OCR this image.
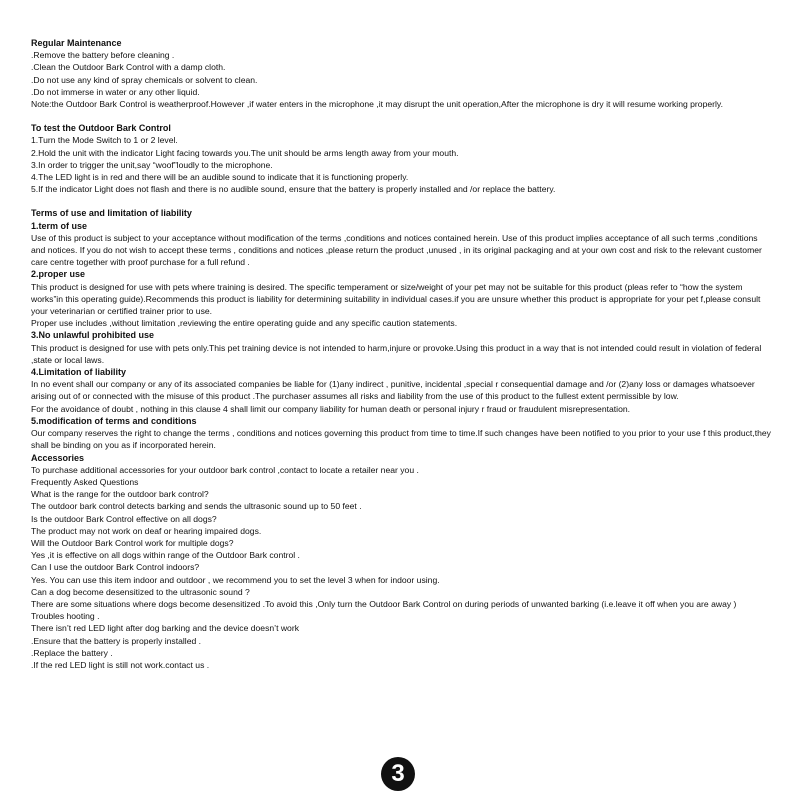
Regular Maintenance
.Remove the battery before cleaning .
.Clean the Outdoor Bark Control with a damp cloth.
.Do not use any kind of spray chemicals or solvent to clean.
.Do not immerse in water or any other liquid.
Note:the Outdoor Bark Control is weatherproof.However ,if water enters in the microphone ,it may disrupt the unit operation,After the microphone is dry it will resume working properly.
To test the Outdoor Bark Control
1.Turn the Mode Switch to 1 or 2 level.
2.Hold the unit with the indicator Light facing towards you.The unit should be arms length away from your mouth.
3.In order to trigger the unit,say “woof”loudly to the microphone.
4.The LED light is in red and there will be an audible sound to indicate that it is functioning properly.
5.If the indicator Light does not flash and there is no audible sound, ensure that the battery is properly installed and /or replace the battery.
Terms of use and limitation of liability
1.term of use
Use of this product is subject to your acceptance without modification of the terms ,conditions and notices contained herein. Use of this product implies acceptance of all such terms ,conditions and notices. If you do not wish to accept these terms , conditions and notices ,please return the product ,unused , in its original packaging and at your own cost and risk to the relevant customer care centre together with proof purchase for a full refund .
2.proper use
This product is designed for use with pets where training is desired. The specific temperament or size/weight of your pet may not be suitable for this product (pleas refer to “how the system works”in this operating guide).Recommends this product is liability for determining suitability in individual cases.if you are unsure whether this product is appropriate for your pet f,please consult your veterinarian or certified trainer prior to use.
Proper use includes ,without limitation ,reviewing the entire operating guide and any specific caution statements.
3.No unlawful prohibited use
This product is designed for use with pets only.This pet training device is not intended to harm,injure or provoke.Using this product in a way that is not intended could result in violation of federal ,state or local laws.
4.Limitation of liability
In no event shall our company or any of its associated companies be liable for (1)any indirect , punitive, incidental ,special r consequential damage and /or (2)any loss or damages whatsoever arising out of or connected with the misuse of this product .The purchaser assumes all risks and liability from the use of this product to the fullest extent permissible by low.
For the avoidance of doubt , nothing in this clause 4 shall limit our company liability for human death or personal injury r fraud or fraudulent misrepresentation.
5.modification of terms and conditions
Our company reserves the right to change the terms , conditions and notices governing this product from time to time.If such changes have been notified to you prior to your use f this product,they shall be binding on you as if incorporated herein.
Accessories
To purchase additional accessories for your outdoor bark control ,contact to locate a retailer near you .
Frequently Asked Questions
What is the range for the outdoor bark control?
The outdoor bark control detects barking and sends the ultrasonic sound up to 50 feet .
Is the outdoor Bark Control effective on all dogs?
The product may not work on deaf or hearing impaired dogs.
Will the Outdoor Bark Control work for multiple dogs?
Yes ,it is effective on all dogs within range of the Outdoor Bark control .
Can I use the outdoor Bark Control indoors?
Yes. You can use this item indoor and outdoor , we recommend you to set the level 3 when for indoor using.
Can a dog become desensitized to the ultrasonic sound ?
There are some situations where dogs become desensitized .To avoid this ,Only turn the Outdoor Bark Control on during periods of unwanted barking (i.e.leave it off when you are away )
Troubles hooting .
There isn’t red LED light after dog barking and the device doesn’t work
.Ensure that the battery is properly installed .
.Replace the battery .
.If the red LED light is still not work.contact us .
3
